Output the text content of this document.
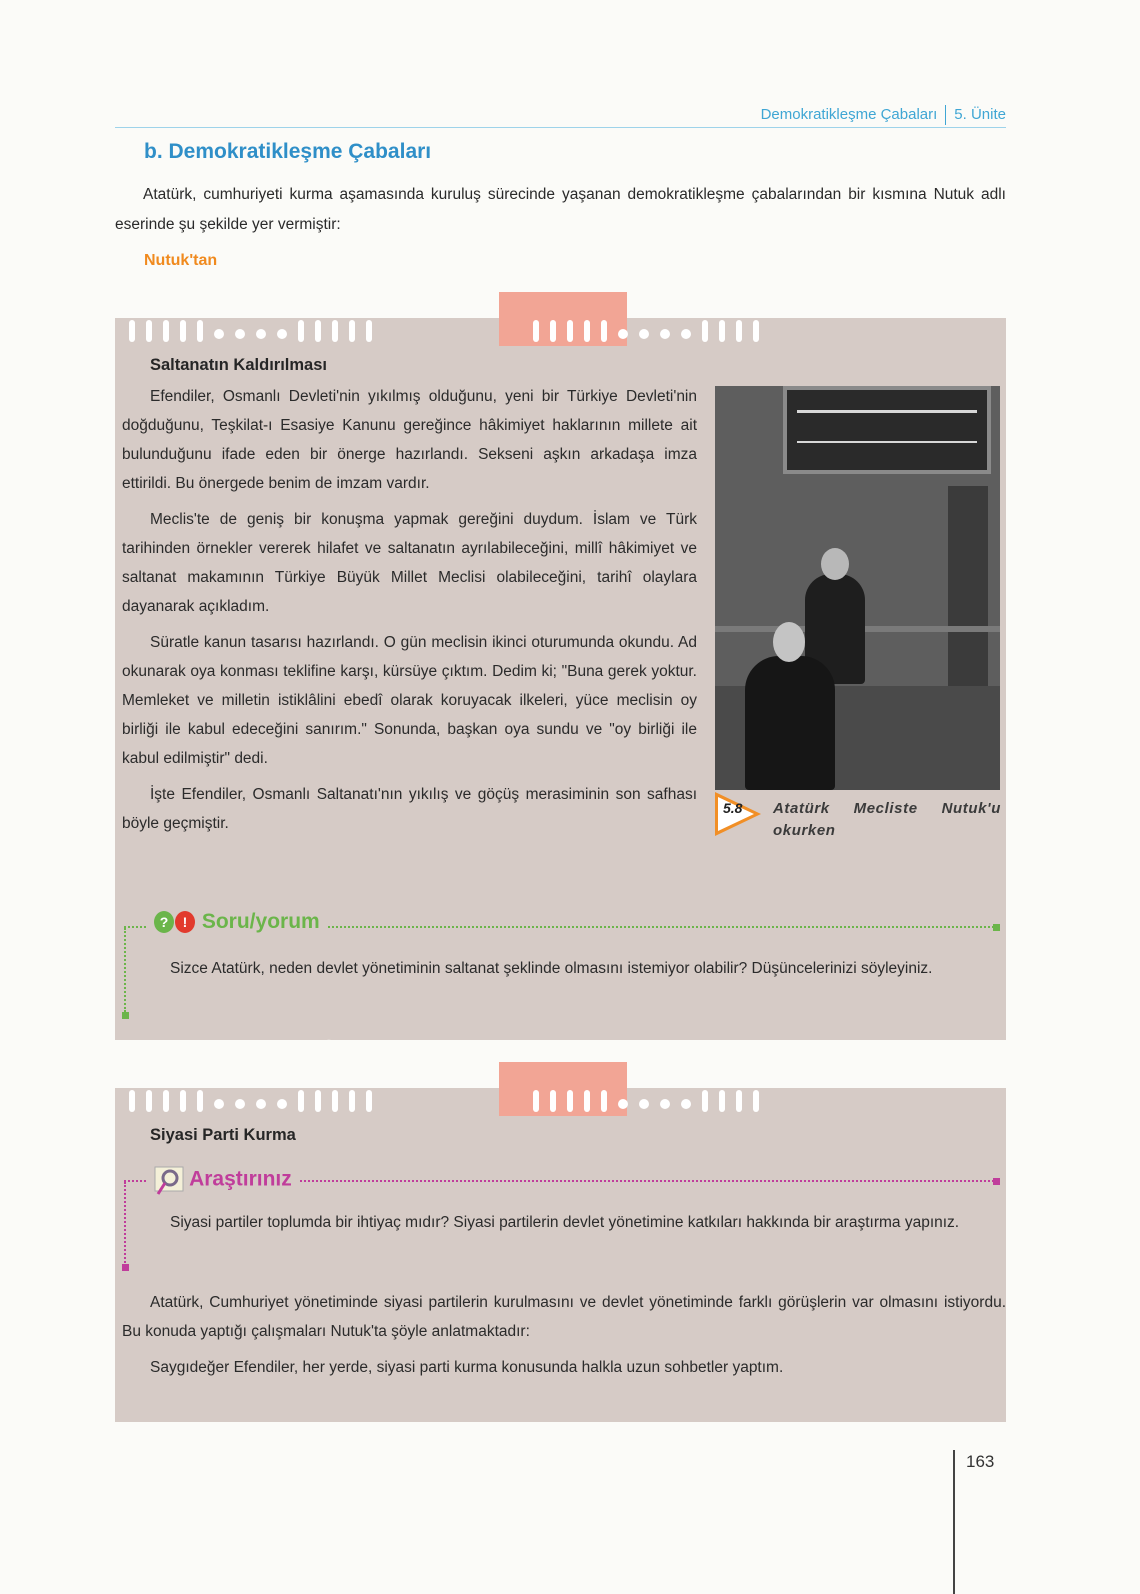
Demokratikleşme Çabaları 5. Ünite
b. Demokratikleşme Çabaları

Atatürk, cumhuriyeti kurma aşamasında kuruluş sürecinde yaşanan demokratikleşme çabalarından bir kısmına Nutuk adlı eserinde şu şekilde yer vermiştir:

Nutuk'tan
Saltanatın Kaldırılması

Efendiler, Osmanlı Devleti'nin yıkılmış olduğunu, yeni bir Türkiye Devleti'nin doğduğunu, Teşkilat-ı Esasiye Kanunu gereğince hâkimiyet haklarının millete ait bulunduğunu ifade eden bir önerge hazırlandı. Sekseni aşkın arkadaşa imza ettirildi. Bu önergede benim de imzam vardır.

Meclis'te de geniş bir konuşma yapmak gereğini duydum. İslam ve Türk tarihinden örnekler vererek hilafet ve saltanatın ayrılabileceğini, millî hâkimiyet ve saltanat makamının Türkiye Büyük Millet Meclisi olabileceğini, tarihî olaylara dayanarak açıkladım.

Süratle kanun tasarısı hazırlandı. O gün meclisin ikinci oturumunda okundu. Ad okunarak oya konması teklifine karşı, kürsüye çıktım. Dedim ki; "Buna gerek yoktur. Memleket ve milletin istiklâlini ebedî olarak koruyacak ilkeleri, yüce meclisin oy birliği ile kabul edeceğini sanırım." Sonunda, başkan oya sundu ve "oy birliği ile kabul edilmiştir" dedi.

İşte Efendiler, Osmanlı Saltanatı'nın yıkılış ve göçüş merasiminin son safhası böyle geçmiştir.

5.8 Atatürk Mecliste Nutuk'u okurken
? ! Soru/yorum

Sizce Atatürk, neden devlet yönetiminin saltanat şeklinde olmasını istemiyor olabilir? Düşüncelerinizi söyleyiniz.

Siyasi Parti Kurma
Araştırınız

Siyasi partiler toplumda bir ihtiyaç mıdır? Siyasi partilerin devlet yönetimine katkıları hakkında bir araştırma yapınız.

Atatürk, Cumhuriyet yönetiminde siyasi partilerin kurulmasını ve devlet yönetiminde farklı görüşlerin var olmasını istiyordu. Bu konuda yaptığı çalışmaları Nutuk'ta şöyle anlatmaktadır:

Saygıdeğer Efendiler, her yerde, siyasi parti kurma konusunda halkla uzun sohbetler yaptım.

163
